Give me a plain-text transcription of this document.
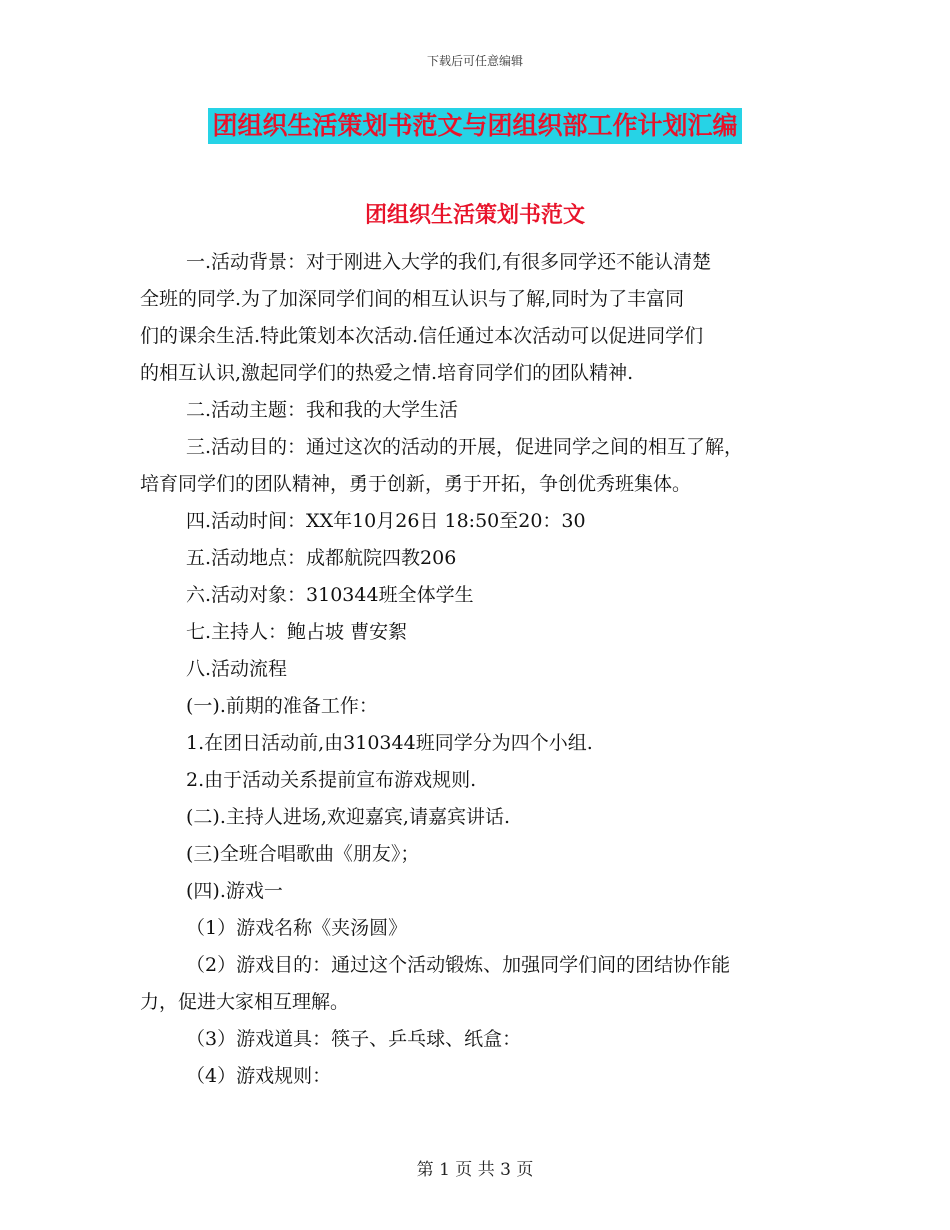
下载后可任意编辑
团组织生活策划书范文与团组织部工作计划汇编
团组织生活策划书范文

一.活动背景：对于刚进入大学的我们,有很多同学还不能认清楚

全班的同学.为了加深同学们间的相互认识与了解,同时为了丰富同

们的课余生活.特此策划本次活动.信任通过本次活动可以促进同学们

的相互认识,激起同学们的热爱之情.培育同学们的团队精神.

二.活动主题：我和我的大学生活

三.活动目的：通过这次的活动的开展，促进同学之间的相互了解，

培育同学们的团队精神，勇于创新，勇于开拓，争创优秀班集体。

四.活动时间：XX年10月26日 18:50至20：30

五.活动地点：成都航院四教206

六.活动对象：310344班全体学生

七.主持人：鲍占坡 曹安絮

八.活动流程

(一).前期的准备工作：

1.在团日活动前,由310344班同学分为四个小组.

2.由于活动关系提前宣布游戏规则.

(二).主持人进场,欢迎嘉宾,请嘉宾讲话.

(三)全班合唱歌曲《朋友》；

(四).游戏一

（1）游戏名称《夹汤圆》

（2）游戏目的：通过这个活动锻炼、加强同学们间的团结协作能

力，促进大家相互理解。

（3）游戏道具：筷子、乒乓球、纸盒：

（4）游戏规则：

第 1 页 共 3 页
